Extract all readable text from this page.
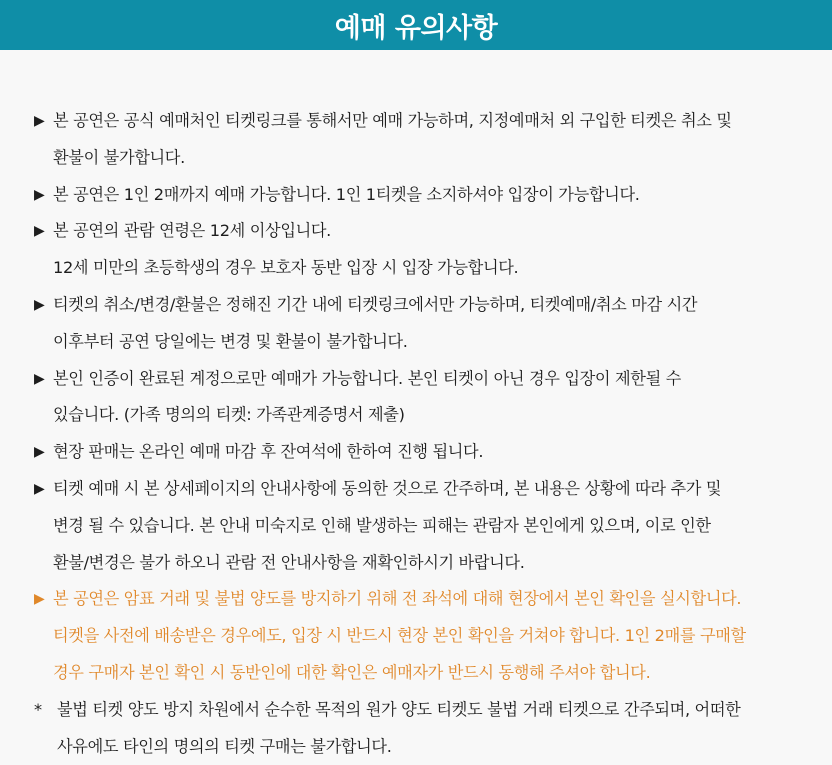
예매 유의사항
▶ 본 공연은 공식 예매처인 티켓링크를 통해서만 예매 가능하며, 지정예매처 외 구입한 티켓은 취소 및
환불이 불가합니다.
▶ 본 공연은 1인 2매까지 예매 가능합니다. 1인 1티켓을 소지하셔야 입장이 가능합니다.
▶ 본 공연의 관람 연령은 12세 이상입니다.
12세 미만의 초등학생의 경우 보호자 동반 입장 시 입장 가능합니다.
▶ 티켓의 취소/변경/환불은 정해진 기간 내에 티켓링크에서만 가능하며, 티켓예매/취소 마감 시간
이후부터 공연 당일에는 변경 및 환불이 불가합니다.
▶ 본인 인증이 완료된 계정으로만 예매가 가능합니다. 본인 티켓이 아닌 경우 입장이 제한될 수
있습니다. (가족 명의의 티켓: 가족관계증명서 제출)
▶ 현장 판매는 온라인 예매 마감 후 잔여석에 한하여 진행 됩니다.
▶ 티켓 예매 시 본 상세페이지의 안내사항에 동의한 것으로 간주하며, 본 내용은 상황에 따라 추가 및
변경 될 수 있습니다. 본 안내 미숙지로 인해 발생하는 피해는 관람자 본인에게 있으며, 이로 인한
환불/변경은 불가 하오니 관람 전 안내사항을 재확인하시기 바랍니다.
▶ 본 공연은 암표 거래 및 불법 양도를 방지하기 위해 전 좌석에 대해 현장에서 본인 확인을 실시합니다.
티켓을 사전에 배송받은 경우에도, 입장 시 반드시 현장 본인 확인을 거쳐야 합니다. 1인 2매를 구매할
경우 구매자 본인 확인 시 동반인에 대한 확인은 예매자가 반드시 동행해 주셔야 합니다.
* 불법 티켓 양도 방지 차원에서 순수한 목적의 원가 양도 티켓도 불법 거래 티켓으로 간주되며, 어떠한
사유에도 타인의 명의의 티켓 구매는 불가합니다.
